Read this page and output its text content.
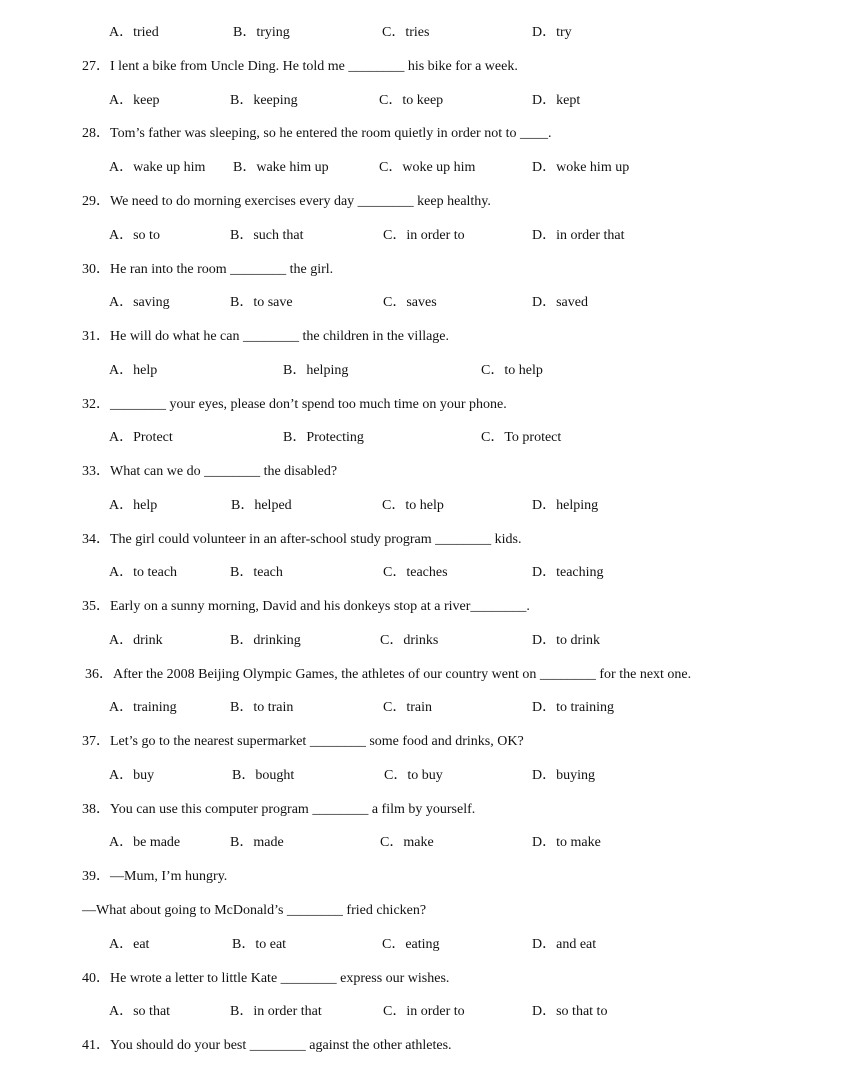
A．tried	B．trying	C．tries	D．try
27．I lent a bike from Uncle Ding. He told me ________ his bike for a week.
A．keep	B．keeping	C．to keep	D．kept
28．Tom’s father was sleeping, so he entered the room quietly in order not to ____.
A．wake up him B．wake him up	C．woke up him	D．woke him up
29．We need to do morning exercises every day ________ keep healthy.
A．so to	B．such that	C．in order to	D．in order that
30．He ran into the room ________ the girl.
A．saving	B．to save	C．saves	D．saved
31．He will do what he can ________ the children in the village.
A．help	B．helping	C．to help
32．________ your eyes, please don’t spend too much time on your phone.
A．Protect	B．Protecting	C．To protect
33．What can we do ________ the disabled?
A．help	B．helped	C．to help	D．helping
34．The girl could volunteer in an after-school study program ________ kids.
A．to teach	B．teach	C．teaches	D．teaching
35．Early on a sunny morning, David and his donkeys stop at a river________.
A．drink	B．drinking	C．drinks	D．to drink
36．After the 2008 Beijing Olympic Games, the athletes of our country went on ________ for the next one.
A．training	B．to train	C．train	D．to training
37．Let’s go to the nearest supermarket ________ some food and drinks, OK?
A．buy	B．bought	C．to buy	D．buying
38．You can use this computer program ________ a film by yourself.
A．be made	B．made	C．make	D．to make
39．—Mum, I’m hungry.
—What about going to McDonald’s ________ fried chicken?
A．eat	B．to eat	C．eating	D．and eat
40．He wrote a letter to little Kate ________ express our wishes.
A．so that	B．in order that	C．in order to	D．so that to
41．You should do your best ________ against the other athletes.
